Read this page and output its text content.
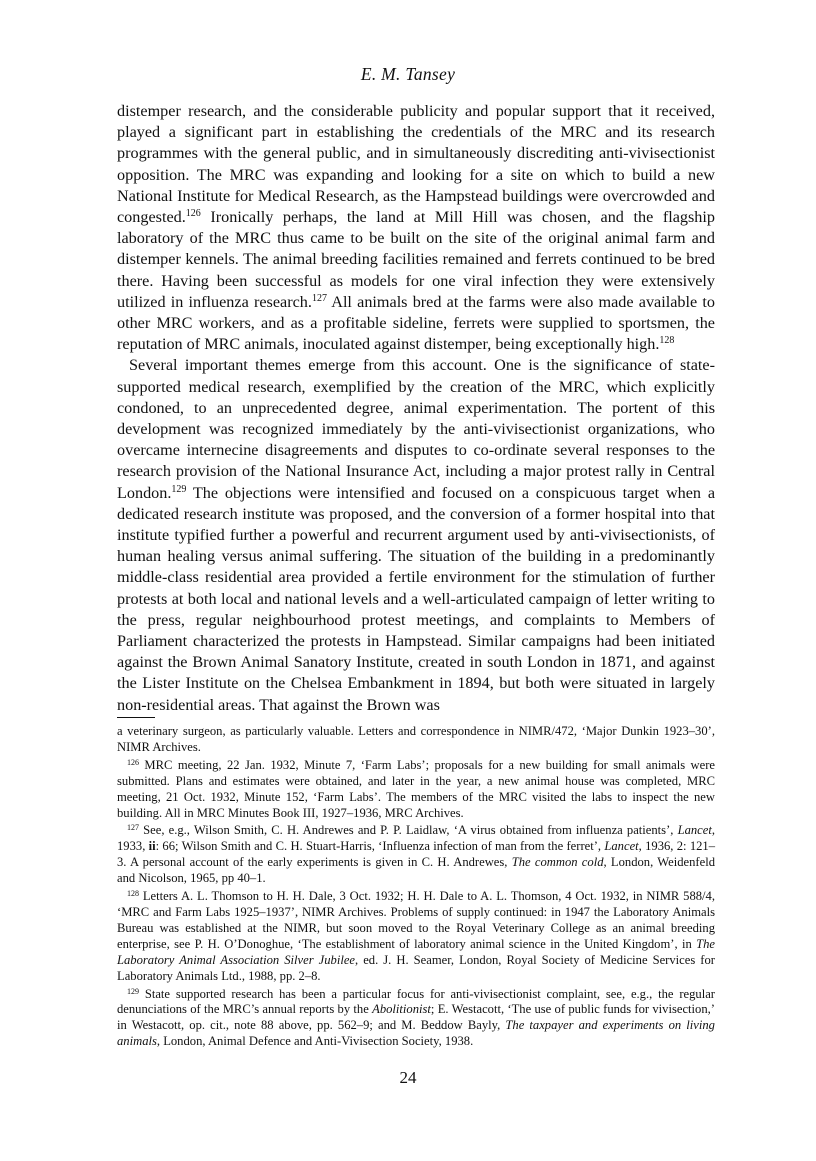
E. M. Tansey

distemper research, and the considerable publicity and popular support that it received, played a significant part in establishing the credentials of the MRC and its research programmes with the general public, and in simultaneously discrediting anti-vivisectionist opposition. The MRC was expanding and looking for a site on which to build a new National Institute for Medical Research, as the Hampstead buildings were overcrowded and congested.$^{126}$ Ironically perhaps, the land at Mill Hill was chosen, and the flagship laboratory of the MRC thus came to be built on the site of the original animal farm and distemper kennels. The animal breeding facilities remained and ferrets continued to be bred there. Having been successful as models for one viral infection they were extensively utilized in influenza research.$^{127}$ All animals bred at the farms were also made available to other MRC workers, and as a profitable sideline, ferrets were supplied to sportsmen, the reputation of MRC animals, inoculated against distemper, being exceptionally high.$^{128}$

Several important themes emerge from this account. One is the significance of state-supported medical research, exemplified by the creation of the MRC, which explicitly condoned, to an unprecedented degree, animal experimentation. The portent of this development was recognized immediately by the anti-vivisectionist organizations, who overcame internecine disagreements and disputes to co-ordinate several responses to the research provision of the National Insurance Act, including a major protest rally in Central London.$^{129}$ The objections were intensified and focused on a conspicuous target when a dedicated research institute was proposed, and the conversion of a former hospital into that institute typified further a powerful and recurrent argument used by anti-vivisectionists, of human healing versus animal suffering. The situation of the building in a predominantly middle-class residential area provided a fertile environment for the stimulation of further protests at both local and national levels and a well-articulated campaign of letter writing to the press, regular neighbourhood protest meetings, and complaints to Members of Parliament characterized the protests in Hampstead. Similar campaigns had been initiated against the Brown Animal Sanatory Institute, created in south London in 1871, and against the Lister Institute on the Chelsea Embankment in 1894, but both were situated in largely non-residential areas. That against the Brown was

a veterinary surgeon, as particularly valuable. Letters and correspondence in NIMR/472, ‘Major Dunkin 1923–30’, NIMR Archives.

$^{126}$ MRC meeting, 22 Jan. 1932, Minute 7, ‘Farm Labs’; proposals for a new building for small animals were submitted. Plans and estimates were obtained, and later in the year, a new animal house was completed, MRC meeting, 21 Oct. 1932, Minute 152, ‘Farm Labs’. The members of the MRC visited the labs to inspect the new building. All in MRC Minutes Book III, 1927–1936, MRC Archives.

$^{127}$ See, e.g., Wilson Smith, C. H. Andrewes and P. P. Laidlaw, ‘A virus obtained from influenza patients’, Lancet, 1933, ii: 66; Wilson Smith and C. H. Stuart-Harris, ‘Influenza infection of man from the ferret’, Lancet, 1936, 2: 121–3. A personal account of the early experiments is given in C. H. Andrewes, The common cold, London, Weidenfeld and Nicolson, 1965, pp 40–1.

$^{128}$ Letters A. L. Thomson to H. H. Dale, 3 Oct. 1932; H. H. Dale to A. L. Thomson, 4 Oct. 1932, in NIMR 588/4, ‘MRC and Farm Labs 1925–1937’, NIMR Archives. Problems of supply continued: in 1947 the Laboratory Animals Bureau was established at the NIMR, but soon moved to the Royal Veterinary College as an animal breeding enterprise, see P. H. O’Donoghue, ‘The establishment of laboratory animal science in the United Kingdom’, in The Laboratory Animal Association Silver Jubilee, ed. J. H. Seamer, London, Royal Society of Medicine Services for Laboratory Animals Ltd., 1988, pp. 2–8.

$^{129}$ State supported research has been a particular focus for anti-vivisectionist complaint, see, e.g., the regular denunciations of the MRC’s annual reports by the Abolitionist; E. Westacott, ‘The use of public funds for vivisection,’ in Westacott, op. cit., note 88 above, pp. 562–9; and M. Beddow Bayly, The taxpayer and experiments on living animals, London, Animal Defence and Anti-Vivisection Society, 1938.

24
